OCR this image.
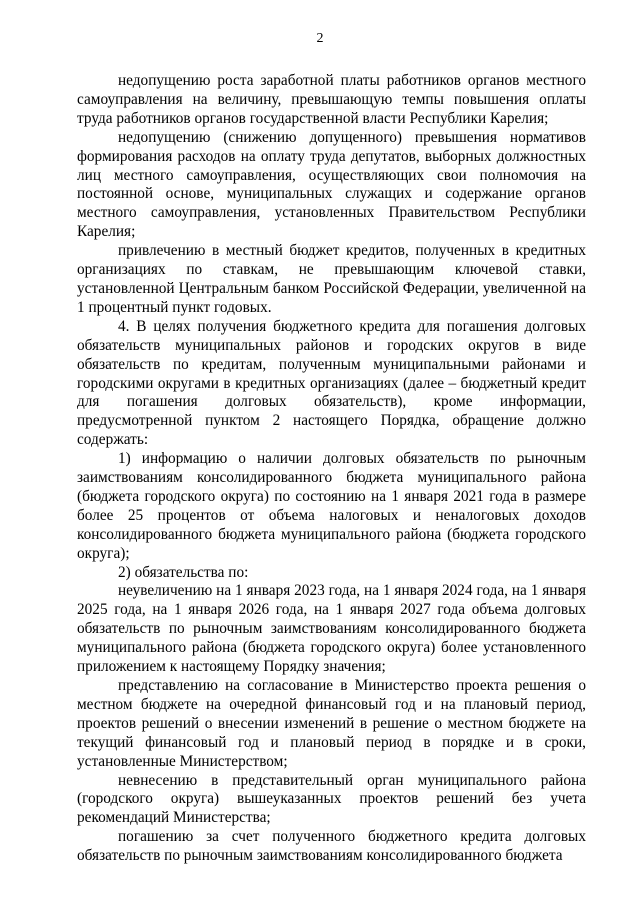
2

недопущению роста заработной платы работников органов местного самоуправления на величину, превышающую темпы повышения оплаты труда работников органов государственной власти Республики Карелия;

недопущению (снижению допущенного) превышения нормативов формирования расходов на оплату труда депутатов, выборных должностных лиц местного самоуправления, осуществляющих свои полномочия на постоянной основе, муниципальных служащих и содержание органов местного самоуправления, установленных Правительством Республики Карелия;

привлечению в местный бюджет кредитов, полученных в кредитных организациях по ставкам, не превышающим ключевой ставки, установленной Центральным банком Российской Федерации, увеличенной на 1 процентный пункт годовых.

4. В целях получения бюджетного кредита для погашения долговых обязательств муниципальных районов и городских округов в виде обязательств по кредитам, полученным муниципальными районами и городскими округами в кредитных организациях (далее – бюджетный кредит для погашения долговых обязательств), кроме информации, предусмотренной пунктом 2 настоящего Порядка, обращение должно содержать:

1) информацию о наличии долговых обязательств по рыночным заимствованиям консолидированного бюджета муниципального района (бюджета городского округа) по состоянию на 1 января 2021 года в размере более 25 процентов от объема налоговых и неналоговых доходов консолидированного бюджета муниципального района (бюджета городского округа);

2) обязательства по:

неувеличению на 1 января 2023 года, на 1 января 2024 года, на 1 января 2025 года, на 1 января 2026 года, на 1 января 2027 года объема долговых обязательств по рыночным заимствованиям консолидированного бюджета муниципального района (бюджета городского округа) более установленного приложением к настоящему Порядку значения;

представлению на согласование в Министерство проекта решения о местном бюджете на очередной финансовый год и на плановый период, проектов решений о внесении изменений в решение о местном бюджете на текущий финансовый год и плановый период в порядке и в сроки, установленные Министерством;

невнесению в представительный орган муниципального района (городского округа) вышеуказанных проектов решений без учета рекомендаций Министерства;

погашению за счет полученного бюджетного кредита долговых обязательств по рыночным заимствованиям консолидированного бюджета
